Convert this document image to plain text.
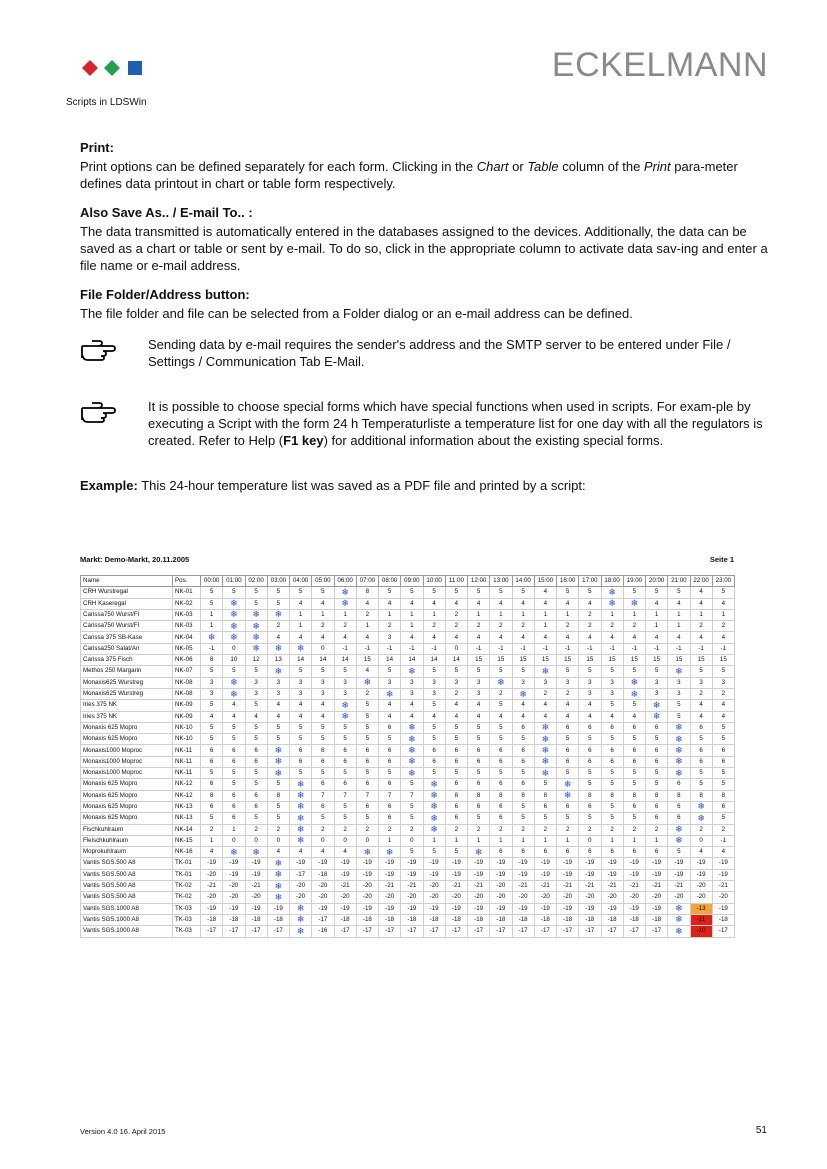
Scripts in LDSWin
ECKELMANN
Print:

Print options can be defined separately for each form. Clicking in the Chart or Table column of the Print para-meter defines data printout in chart or table form respectively.

Also Save As.. / E-mail To.. :

The data transmitted is automatically entered in the databases assigned to the devices. Additionally, the data can be saved as a chart or table or sent by e-mail. To do so, click in the appropriate column to activate data sav-ing and enter a file name or e-mail address.

File Folder/Address button:

The file folder and file can be selected from a Folder dialog or an e-mail address can be defined.

Sending data by e-mail requires the sender's address and the SMTP server to be entered under File / Settings / Communication Tab E-Mail.

It is possible to choose special forms which have special functions when used in scripts. For exam-ple by executing a Script with the form 24 h Temperaturliste a temperature list for one day with all the regulators is created. Refer to Help (F1 key) for additional information about the existing special forms.

Example: This 24-hour temperature list was saved as a PDF file and printed by a script:

Markt: Demo-Markt, 20.11.2005	Seite 1
Name	Pos.	00:00	01:00	02:00	03:00	04:00	05:00	06:00	07:00	08:00	09:00	10:00	11:00	12:00	13:00	14:00	15:00	16:00	17:00	18:00	19:00	20:00	21:00	22:00	23:00
CRH Wurstregal	NK-01	5	5	5	5	5	5	❄	8	5	5	5	5	5	5	5	4	5	5	❄	5	5	5	4	5
CRH Kaseregal	NK-02	5	❄	5	5	4	4	❄	4	4	4	4	4	4	4	4	4	4	4	❄	❄	4	4	4	4
Carissa750 Wurst/FI	NK-03	1	❄	❄	❄	1	1	1	2	1	1	1	2	1	1	1	1	1	2	1	1	1	1	1	1
Carissa750 Wurst/FI	NK-03	1	❄	❄	2	1	2	2	1	2	1	2	2	2	2	2	1	2	2	2	2	1	1	2	2
Carissa 375 SB-Kase	NK-04	❄	❄	❄	4	4	4	4	4	3	4	4	4	4	4	4	4	4	4	4	4	4	4	4	4
Carissa250 Salat/An	NK-05	-1	0	❄	❄	❄	0	-1	-1	-1	-1	-1	0	-1	-1	-1	-1	-1	-1	-1	-1	-1	-1	-1	-1
Carissa 375 Fisch	NK-06	8	10	12	13	14	14	14	15	14	14	14	14	15	15	15	15	15	15	15	15	15	15	15	15
Methos 250 Margarin	NK-07	5	5	5	❄	5	5	5	4	5	❄	5	5	5	5	5	❄	5	5	5	5	5	❄	5	5
Monaxis625 Wurstreg	NK-08	3	❄	3	3	3	3	3	❄	3	3	3	3	3	❄	3	3	3	3	3	❄	3	3	3	3
Monaxis625 Wurstreg	NK-08	3	❄	3	3	3	3	3	2	❄	3	3	2	3	2	❄	2	2	3	3	❄	3	3	2	2
Iries 375 NK	NK-09	5	4	5	4	4	4	❄	5	4	4	5	4	4	5	4	4	4	4	5	5	❄	5	4	4
Iries 375 NK	NK-09	4	4	4	4	4	4	❄	5	4	4	4	4	4	4	4	4	4	4	4	4	❄	5	4	4
Monaxis 625 Mopro	NK-10	5	5	5	5	5	5	5	5	6	❄	5	5	5	5	6	❄	6	6	6	6	6	❄	6	5
Monaxis 625 Mopro	NK-10	5	5	5	5	5	5	5	5	5	❄	5	5	5	5	5	❄	5	5	5	5	5	❄	5	5
Monaxis1000 Moproc	NK-11	6	6	6	❄	6	6	6	6	6	❄	6	6	6	6	6	❄	6	6	6	6	6	❄	6	6
Monaxis1000 Moproc	NK-11	6	6	6	❄	6	6	6	6	6	❄	6	6	6	6	6	❄	6	6	6	6	6	❄	6	6
Monaxis1000 Moproc	NK-11	5	5	5	❄	5	5	5	5	5	❄	5	5	5	5	5	❄	5	5	5	5	5	❄	5	5
Monaxis 625 Mopro	NK-12	6	5	5	5	❄	6	6	6	6	5	❄	6	6	6	6	5	❄	5	5	5	5	6	5	5
Monaxis 625 Mopro	NK-12	8	6	6	8	❄	7	7	7	7	7	❄	8	8	8	8	8	❄	8	8	8	8	8	8	8
Monaxis 625 Mopro	NK-13	6	6	6	5	❄	6	5	6	6	5	❄	6	6	6	5	6	6	6	5	6	6	6	❄	6
Monaxis 625 Mopro	NK-13	5	6	5	5	❄	5	5	5	6	5	❄	6	5	6	5	5	5	5	5	5	6	6	❄	5
Fischkuhlraum	NK-14	2	1	2	2	❄	2	2	2	2	2	❄	2	2	2	2	2	2	2	2	2	2	❄	2	2
Fleischkuhlraum	NK-15	1	0	0	0	❄	0	0	0	1	0	1	1	1	1	1	1	1	0	1	1	1	❄	0	-1
Moprokuhlraum	NK-16	4	❄	❄	4	4	4	4	❄	❄	5	5	5	❄	6	6	6	6	6	6	6	6	5	4	4
Vantis SGS.500 A8	TK-01	-19	-19	-19	❄	-19	-19	-19	-19	-19	-19	-19	-19	-19	-19	-19	-19	-19	-19	-19	-19	-19	-19	-19	-19
Vantis SGS.500 A8	TK-01	-20	-19	-19	❄	-17	-18	-19	-19	-19	-19	-19	-19	-19	-19	-19	-19	-19	-19	-19	-19	-19	-19	-19	-19
Vantis SGS.500 A8	TK-02	-21	-20	-21	❄	-20	-20	-21	-20	-21	-21	-20	-21	-21	-20	-21	-21	-21	-21	-21	-21	-21	-21	-20	-21
Vantis SGS.500 A8	TK-02	-20	-20	-20	❄	-20	-20	-20	-20	-20	-20	-20	-20	-20	-20	-20	-20	-20	-20	-20	-20	-20	-20	-20	-20
Vantis SGS.1000 A8	TK-03	-19	-19	-19	-19	❄	-19	-19	-19	-19	-19	-19	-19	-19	-19	-19	-19	-19	-19	-19	-19	-19	❄	-13	-19
Vantis SGS.1000 A8	TK-03	-18	-18	-18	-18	❄	-17	-18	-18	-18	-18	-18	-18	-18	-18	-18	-18	-18	-18	-18	-18	-18	❄	-11	-18
Vantis SGS.1000 A8	TK-03	-17	-17	-17	-17	❄	-16	-17	-17	-17	-17	-17	-17	-17	-17	-17	-17	-17	-17	-17	-17	-17	❄	-10	-17
Version 4.0 16. April 2015	51
